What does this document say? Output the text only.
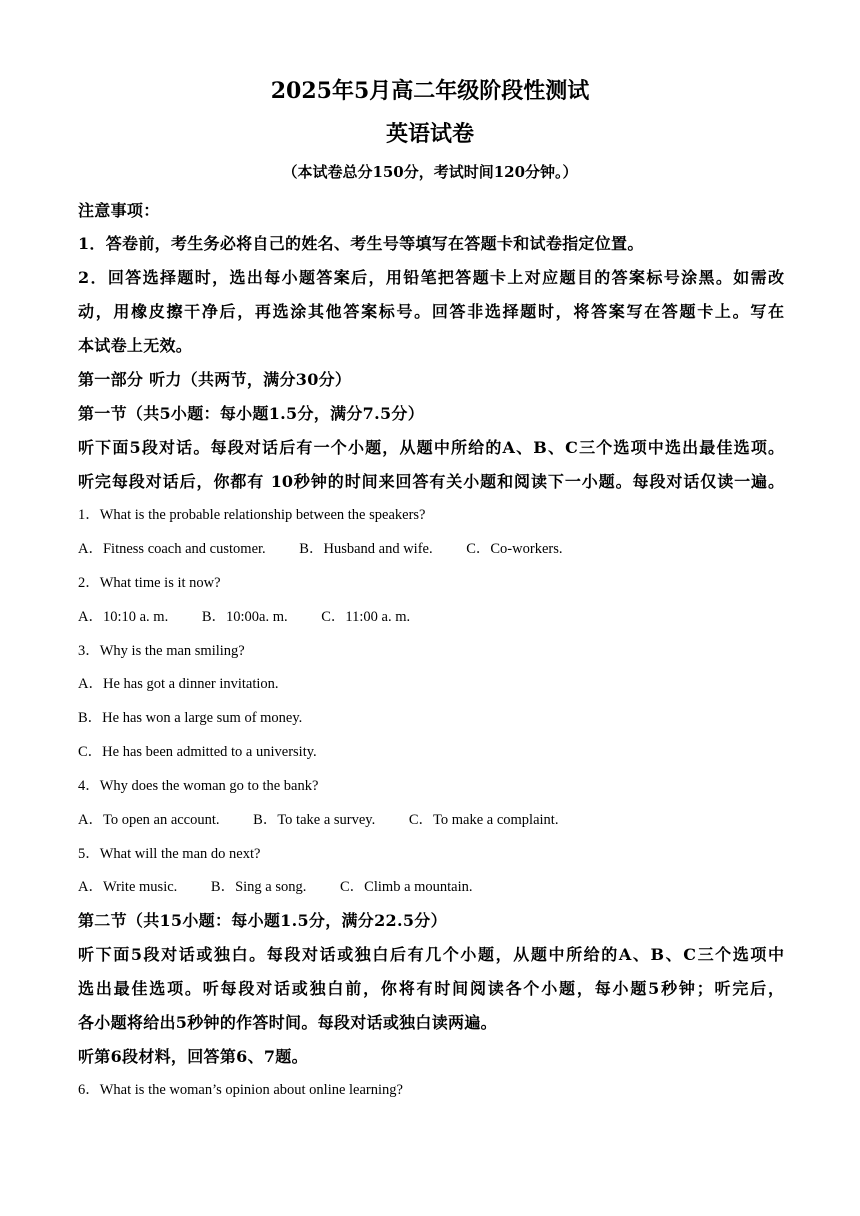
2025年5月高二年级阶段性测试
英语试卷
（本试卷总分150分，考试时间120分钟。）
注意事项：
1．答卷前，考生务必将自己的姓名、考生号等填写在答题卡和试卷指定位置。
2．回答选择题时，选出每小题答案后，用铅笔把答题卡上对应题目的答案标号涂黑。如需改
动，用橡皮擦干净后，再选涂其他答案标号。回答非选择题时，将答案写在答题卡上。写在
本试卷上无效。
第一部分 听力（共两节，满分30分）
第一节（共5小题：每小题1.5分，满分7.5分）
听下面5段对话。每段对话后有一个小题，从题中所给的A、B、C三个选项中选出最佳选项。
听完每段对话后，你都有 10秒钟的时间来回答有关小题和阅读下一小题。每段对话仅读一遍。
1．What is the probable relationship between the speakers?
A．Fitness coach and customer. B．Husband and wife. C．Co-workers.
2．What time is it now?
A．10:10 a. m. B．10:00a. m. C．11:00 a. m.
3．Why is the man smiling?
A．He has got a dinner invitation.
B．He has won a large sum of money.
C．He has been admitted to a university.
4．Why does the woman go to the bank?
A．To open an account. B．To take a survey. C．To make a complaint.
5．What will the man do next?
A．Write music. B．Sing a song. C．Climb a mountain.
第二节（共15小题：每小题1.5分，满分22.5分）
听下面5段对话或独白。每段对话或独白后有几个小题，从题中所给的A、B、C三个选项中
选出最佳选项。听每段对话或独白前，你将有时间阅读各个小题，每小题5秒钟；听完后，
各小题将给出5秒钟的作答时间。每段对话或独白读两遍。
听第6段材料，回答第6、7题。
6．What is the woman’s opinion about online learning?
